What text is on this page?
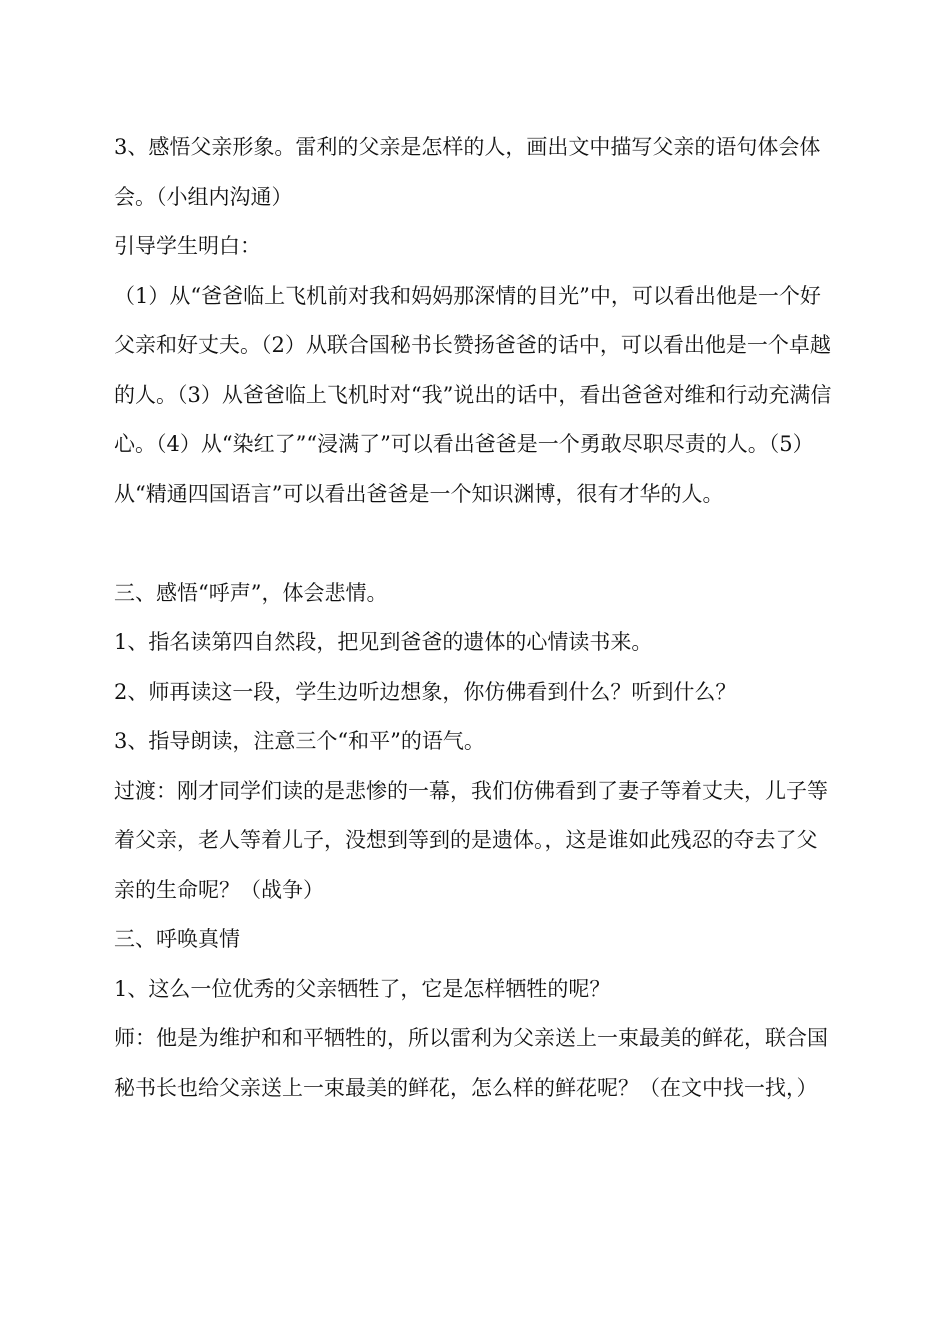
3、感悟父亲形象。雷利的父亲是怎样的人，画出文中描写父亲的语句体会体会。（小组内沟通）

引导学生明白：

（1）从“爸爸临上飞机前对我和妈妈那深情的目光”中，可以看出他是一个好父亲和好丈夫。（2）从联合国秘书长赞扬爸爸的话中，可以看出他是一个卓越的人。（3）从爸爸临上飞机时对“我”说出的话中，看出爸爸对维和行动充满信心。（4）从“染红了”“浸满了”可以看出爸爸是一个勇敢尽职尽责的人。（5）从“精通四国语言”可以看出爸爸是一个知识渊博，很有才华的人。

三、感悟“呼声”，体会悲情。

1、指名读第四自然段，把见到爸爸的遗体的心情读书来。

2、师再读这一段，学生边听边想象，你仿佛看到什么？听到什么？

3、指导朗读，注意三个“和平”的语气。

过渡：刚才同学们读的是悲惨的一幕，我们仿佛看到了妻子等着丈夫，儿子等着父亲，老人等着儿子，没想到等到的是遗体。，这是谁如此残忍的夺去了父亲的生命呢？（战争）

三、呼唤真情

1、这么一位优秀的父亲牺牲了，它是怎样牺牲的呢？

师：他是为维护和和平牺牲的，所以雷利为父亲送上一束最美的鲜花，联合国秘书长也给父亲送上一束最美的鲜花，怎么样的鲜花呢？（在文中找一找，）
